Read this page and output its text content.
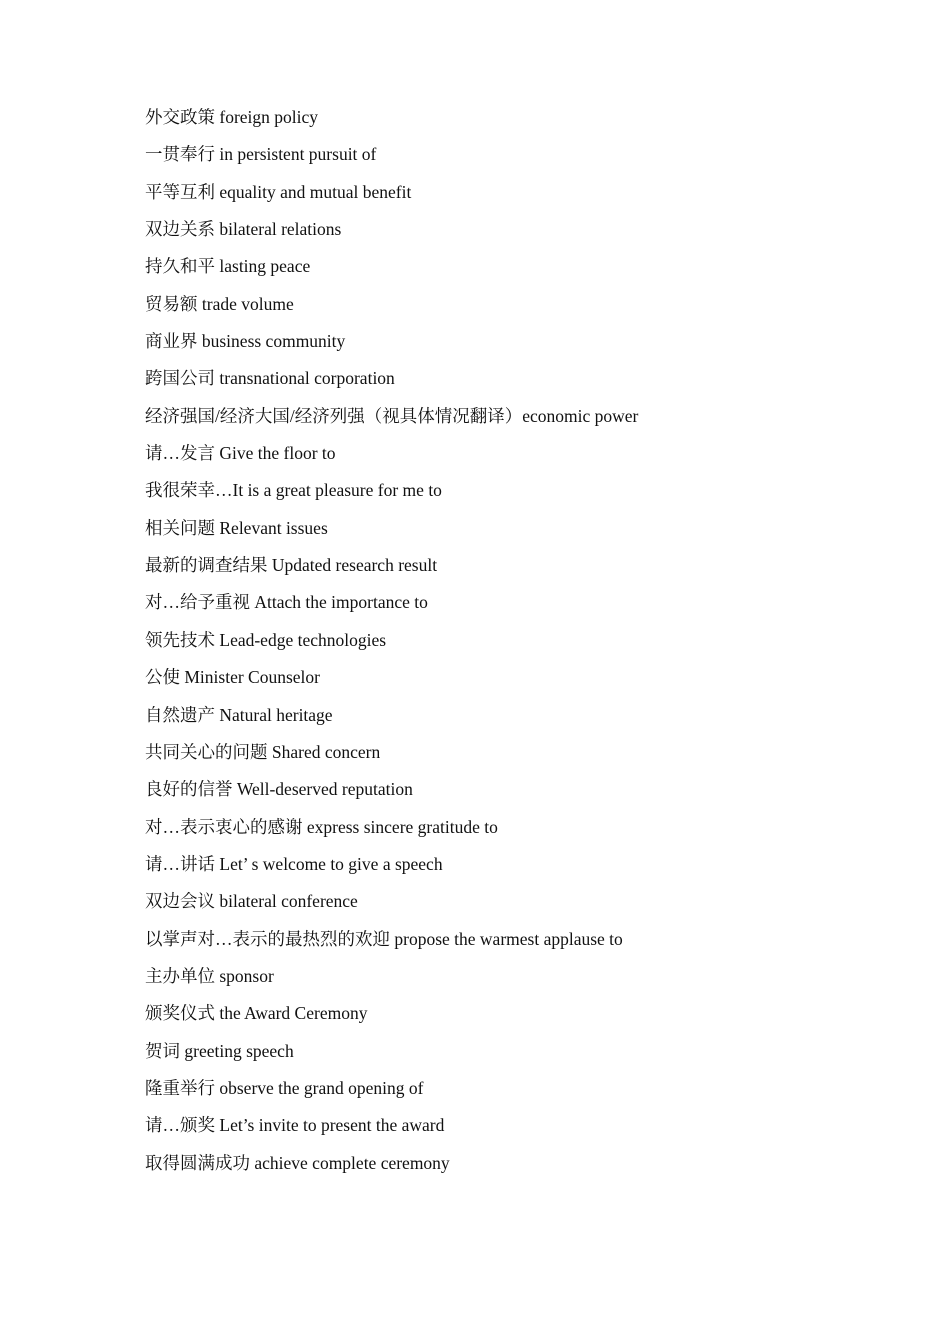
外交政策 foreign policy
一贯奉行 in persistent pursuit of
平等互利 equality and mutual benefit
双边关系 bilateral relations
持久和平 lasting peace
贸易额 trade volume
商业界 business community
跨国公司 transnational corporation
经济强国/经济大国/经济列强（视具体情况翻译）economic power
请…发言 Give the floor to
我很荣幸…It is a great pleasure for me to
相关问题 Relevant issues
最新的调查结果 Updated research result
对…给予重视 Attach the importance to
领先技术 Lead-edge technologies
公使 Minister Counselor
自然遗产 Natural heritage
共同关心的问题 Shared concern
良好的信誉 Well-deserved reputation
对…表示衷心的感谢 express sincere gratitude to
请…讲话 Let’ s welcome to give a speech
双边会议 bilateral conference
以掌声对…表示的最热烈的欢迎 propose the warmest applause to
主办单位 sponsor
颁奖仪式 the Award Ceremony
贺词 greeting speech
隆重举行 observe the grand opening of
请…颁奖 Let’s invite to present the award
取得圆满成功 achieve complete ceremony
